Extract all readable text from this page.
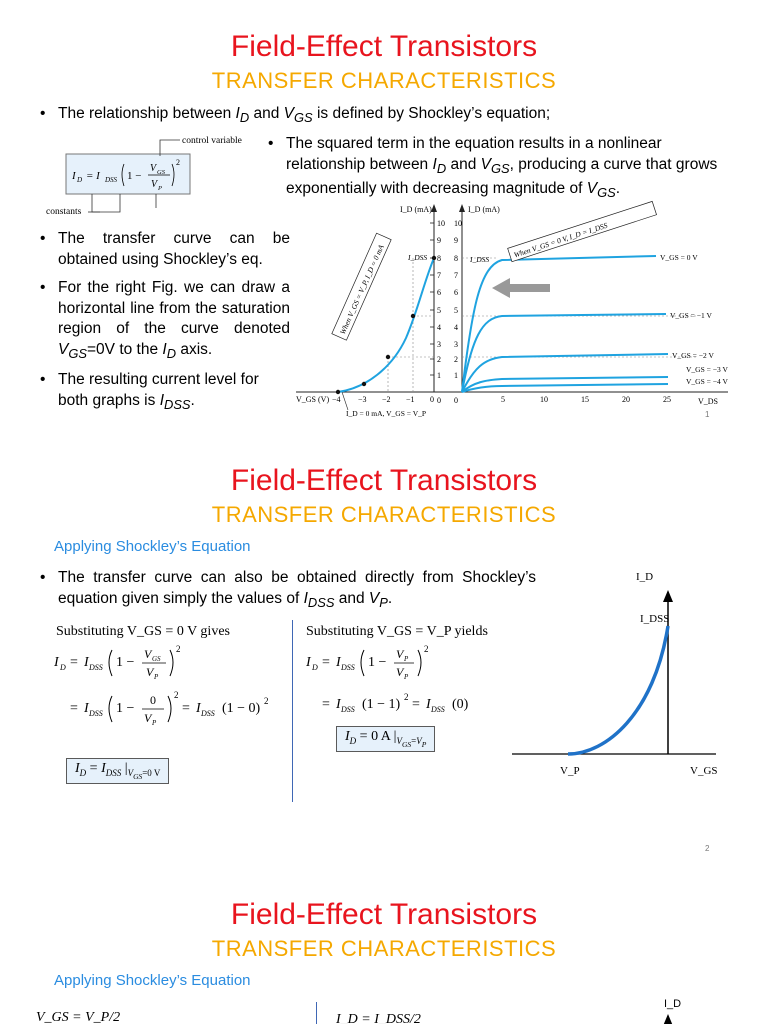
Field-Effect Transistors
TRANSFER CHARACTERISTICS
• The relationship between $I_D$ and $V_{GS}$ is defined by Shockley’s equation;
control variable
constants
I D = I DSS 1 −
V GS
V P
2
• The squared term in the equation results in a nonlinear relationship between $I_D$ and $V_{GS}$, producing a curve that grows exponentially with decreasing magnitude of $V_{GS}$.
• The transfer curve can be obtained using Shockley’s eq.
• For the right Fig. we can draw a horizontal line from the saturation region of the curve denoted $V_{GS}=0V$ to the $I_D$ axis.
• The resulting current level for both graphs is $I_{DSS}$.
I_D (mA)	I_D (mA)
10
9
8
7
6
5
4
3
2
1
0
10
9
8
7
6
5
4
3
2
1
0
V_GS (V) −4 −3 −2 −1 0	5	10	15	20	25	V_DS
I_D = 0 mA, V_GS = V_P
I_DSS	I_DSS	V_GS = 0 V
V_GS = −1 V
V_GS = −2 V
V_GS = −3 V
V_GS = −4 V
When V_GS = V_P, I_D = 0 mA
When V_GS = 0 V, I_D = I_DSS
1
Field-Effect Transistors
TRANSFER CHARACTERISTICS
Applying Shockley’s Equation
• The transfer curve can also be obtained directly from Shockley’s equation given simply the values of $I_{DSS}$ and $V_P$.
Substituting V_GS = 0 V gives
I D = I DSS 1 −
V GS
V P
2
= I DSS 1 −
0
V P
2
= I DSS (1 − 0) 2
$I_D = I_{DSS}$ $|_{V_{GS}=0 V}$
Substituting V_GS = V_P yields
I D = I DSS 1 −
V P
V P
2
= I DSS (1 − 1) 2 = I DSS (0)
$I_D = 0$ A $|_{V_{GS}=V_P}$
I_D
I_DSS
V_P	V_GS
2
Field-Effect Transistors
TRANSFER CHARACTERISTICS
Applying Shockley’s Equation
V_GS = V_P/2	I_D = I_DSS/2
I_D
